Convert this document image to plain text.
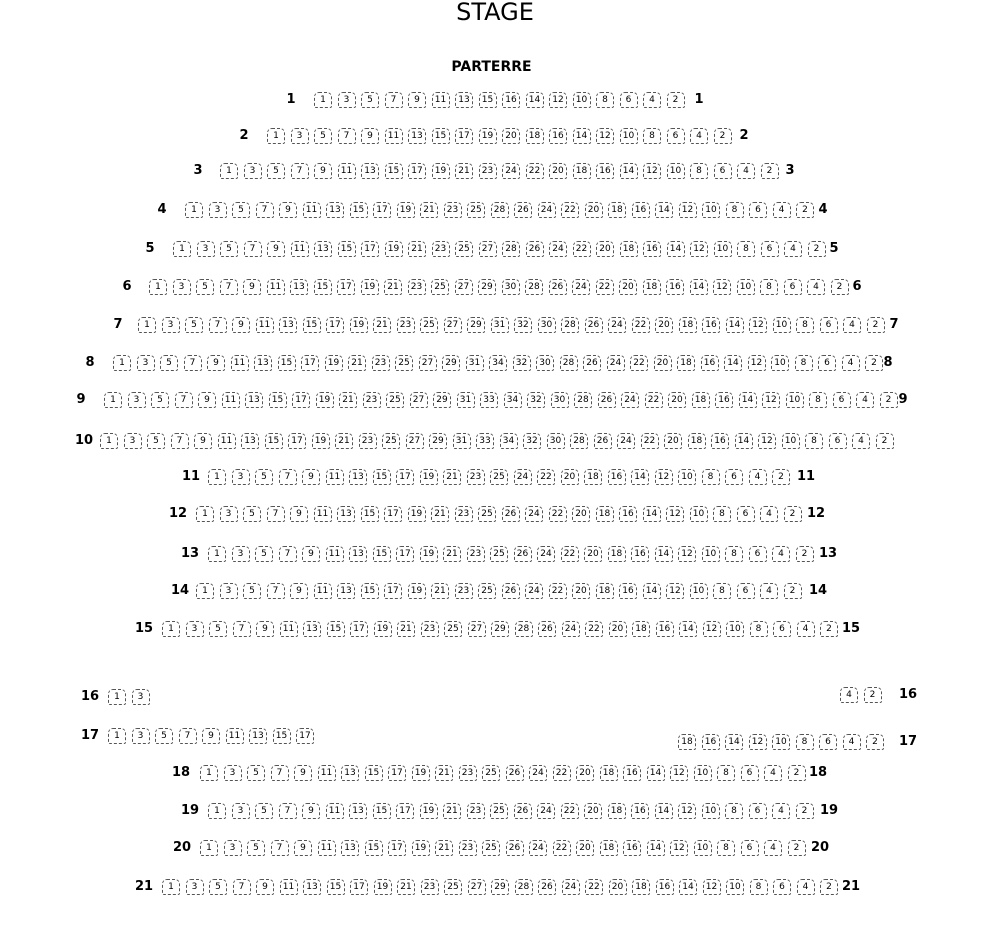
STAGE
PARTERRE
1	1	3	5	7	9	11	13	15	16	14	12	10	8	6	4	2	1
2	1	3	5	7	9	11	13	15	17	19	20	18	16	14	12	10	8	6	4	2	2
3	1	3	5	7	9	11	13	15	17	19	21	23	24	22	20	18	16	14	12	10	8	6	4	2	3
4	1	3	5	7	9	11	13	15	17	19	21	23	25	28	26	24	22	20	18	16	14	12	10	8	6	4	2 4
5	1	3	5	7	9	11	13	15	17	19	21	23	25	27	28	26	24	22	20	18	16	14	12	10	8	6	4	2 5
6	1	3	5	7	9	11	13	15	17	19	21	23	25	27	29	30	28	26	24	22	20	18	16	14	12	10	8	6	4	2 6
7	1	3	5	7	9	11	13	15	17	19	21	23	25	27	29	31	32	30	28	26	24	22	20	18	16	14	12	10	8	6	4	2 7
8	1	3	5	7	9	11	13	15	17	19	21	23	25	27	29	31	34	32	30	28	26	24	22	20	18	16	14	12	10	8	6	4	2 8
9	1	3	5	7	9	11	13	15	17	19	21	23	25	27	29	31	33	34	32	30	28	26	24	22	20	18	16	14	12	10	8	6	4	2 9
10	1	3	5	7	9	11	13	15	17	19	21	23	25	27	29	31	33	34	32	30	28	26	24	22	20	18	16	14	12	10	8	6	4	2
11	1	3	5	7	9	11	13	15	17	19	21	23	25	24	22	20	18	16	14	12	10	8	6	4	2	11
12	1	3	5	7	9	11	13	15	17	19	21	23	25	26	24	22	20	18	16	14	12	10	8	6	4	2 12
13	1	3	5	7	9	11	13	15	17	19	21	23	25	26	24	22	20	18	16	14	12	10	8	6	4	2 13
14	1	3	5	7	9	11	13	15	17	19	21	23	25	26	24	22	20	18	16	14	12	10	8	6	4	2	14
15	1	3	5	7	9	11	13	15	17	19	21	23	25	27	29	28	26	24	22	20	18	16	14	12	10	8	6	4	2 15
16	1	3	4	2	16
17	1	3	5	7	9	11	13	15	17
18	16	14	12	10	8	6	4	2	17
18	1	3	5	7	9	11	13	15	17	19	21	23	25	26	24	22	20	18	16	14	12	10	8	6	4	2 18
19	1	3	5	7	9	11	13	15	17	19	21	23	25	26	24	22	20	18	16	14	12	10	8	6	4	2 19
20	1	3	5	7	9	11	13	15	17	19	21	23	25	26	24	22	20	18	16	14	12	10	8	6	4	2 20
21	1	3	5	7	9	11	13	15	17	19	21	23	25	27	29	28	26	24	22	20	18	16	14	12	10	8	6	4	2 21
